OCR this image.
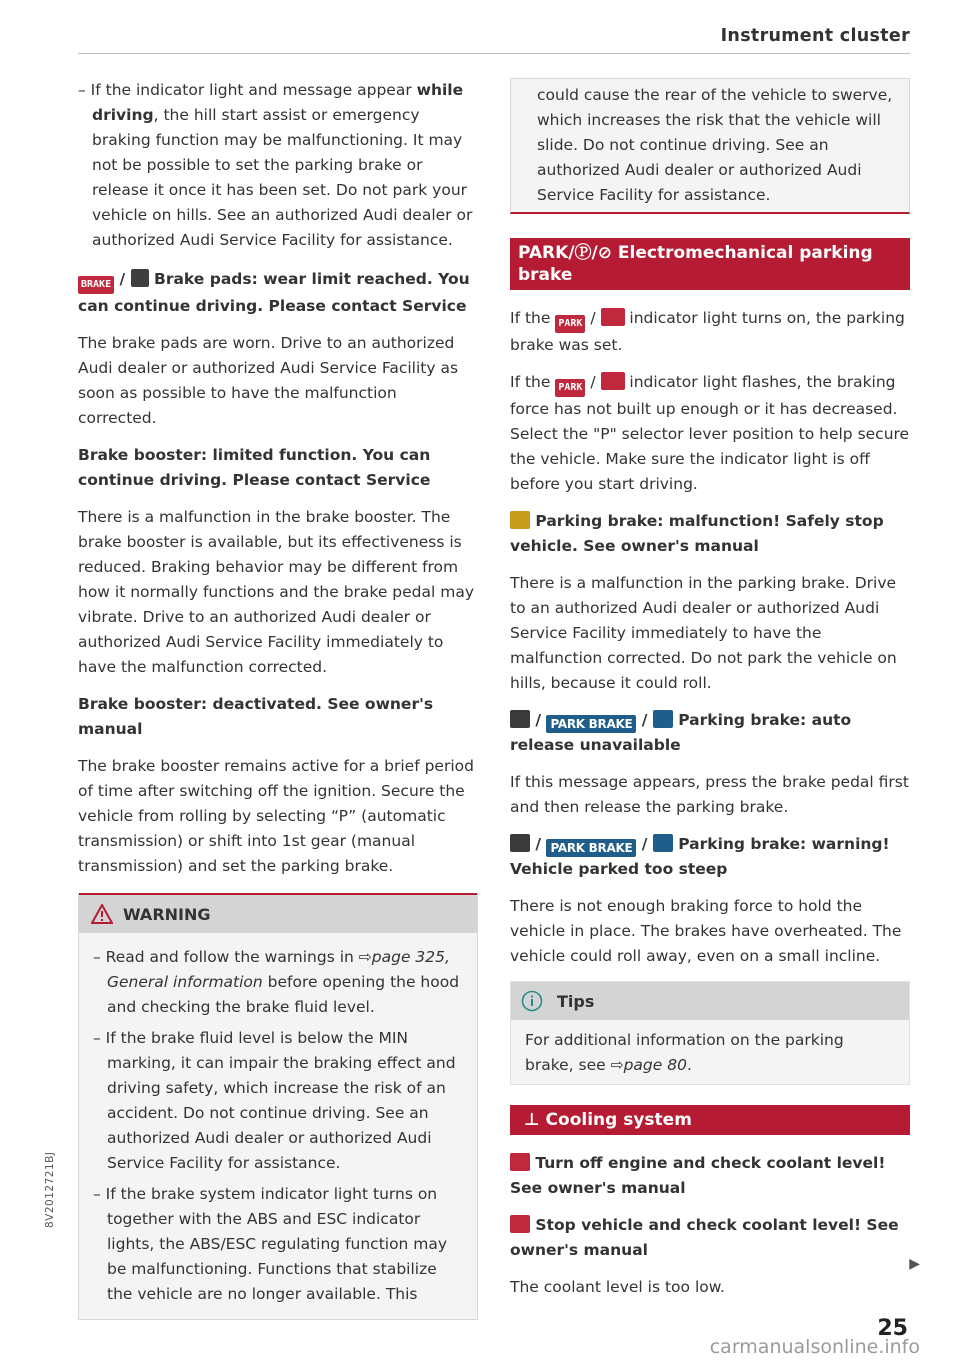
Instrument cluster

– If the indicator light and message appear while driving, the hill start assist or emergency braking function may be malfunctioning. It may not be possible to set the parking brake or release it once it has been set. Do not park your vehicle on hills. See an authorized Audi dealer or authorized Audi Service Facility for assistance.

BRAKE / Brake pads: wear limit reached. You can continue driving. Please contact Service

The brake pads are worn. Drive to an authorized Audi dealer or authorized Audi Service Facility as soon as possible to have the malfunction corrected.

Brake booster: limited function. You can continue driving. Please contact Service

There is a malfunction in the brake booster. The brake booster is available, but its effectiveness is reduced. Braking behavior may be different from how it normally functions and the brake pedal may vibrate. Drive to an authorized Audi dealer or authorized Audi Service Facility immediately to have the malfunction corrected.

Brake booster: deactivated. See owner's manual

The brake booster remains active for a brief period of time after switching off the ignition. Secure the vehicle from rolling by selecting “P” (automatic transmission) or shift into 1st gear (manual transmission) and set the parking brake.

WARNING

– Read and follow the warnings in ⇨page 325, General information before opening the hood and checking the brake fluid level.

– If the brake fluid level is below the MIN marking, it can impair the braking effect and driving safety, which increase the risk of an accident. Do not continue driving. See an authorized Audi dealer or authorized Audi Service Facility for assistance.

– If the brake system indicator light turns on together with the ABS and ESC indicator lights, the ABS/ESC regulating function may be malfunctioning. Functions that stabilize the vehicle are no longer available. This

could cause the rear of the vehicle to swerve, which increases the risk that the vehicle will slide. Do not continue driving. See an authorized Audi dealer or authorized Audi Service Facility for assistance.

PARK/Ⓟ/⊘ Electromechanical parking brake

If the PARK /  indicator light turns on, the parking brake was set.

If the PARK /  indicator light flashes, the braking force has not built up enough or it has decreased. Select the "P" selector lever position to help secure the vehicle. Make sure the indicator light is off before you start driving.

Parking brake: malfunction! Safely stop vehicle. See owner's manual

There is a malfunction in the parking brake. Drive to an authorized Audi dealer or authorized Audi Service Facility immediately to have the malfunction corrected. Do not park the vehicle on hills, because it could roll.

/ PARK BRAKE /  Parking brake: auto release unavailable

If this message appears, press the brake pedal first and then release the parking brake.

/ PARK BRAKE /  Parking brake: warning! Vehicle parked too steep

There is not enough braking force to hold the vehicle in place. The brakes have overheated. The vehicle could roll away, even on a small incline.

Tips

For additional information on the parking brake, see ⇨page 80.

⊥ Cooling system
Turn off engine and check coolant level! See owner's manual
Stop vehicle and check coolant level! See owner's manual

The coolant level is too low.

▶
25
8V2012721BJ
carmanualsonline.info
